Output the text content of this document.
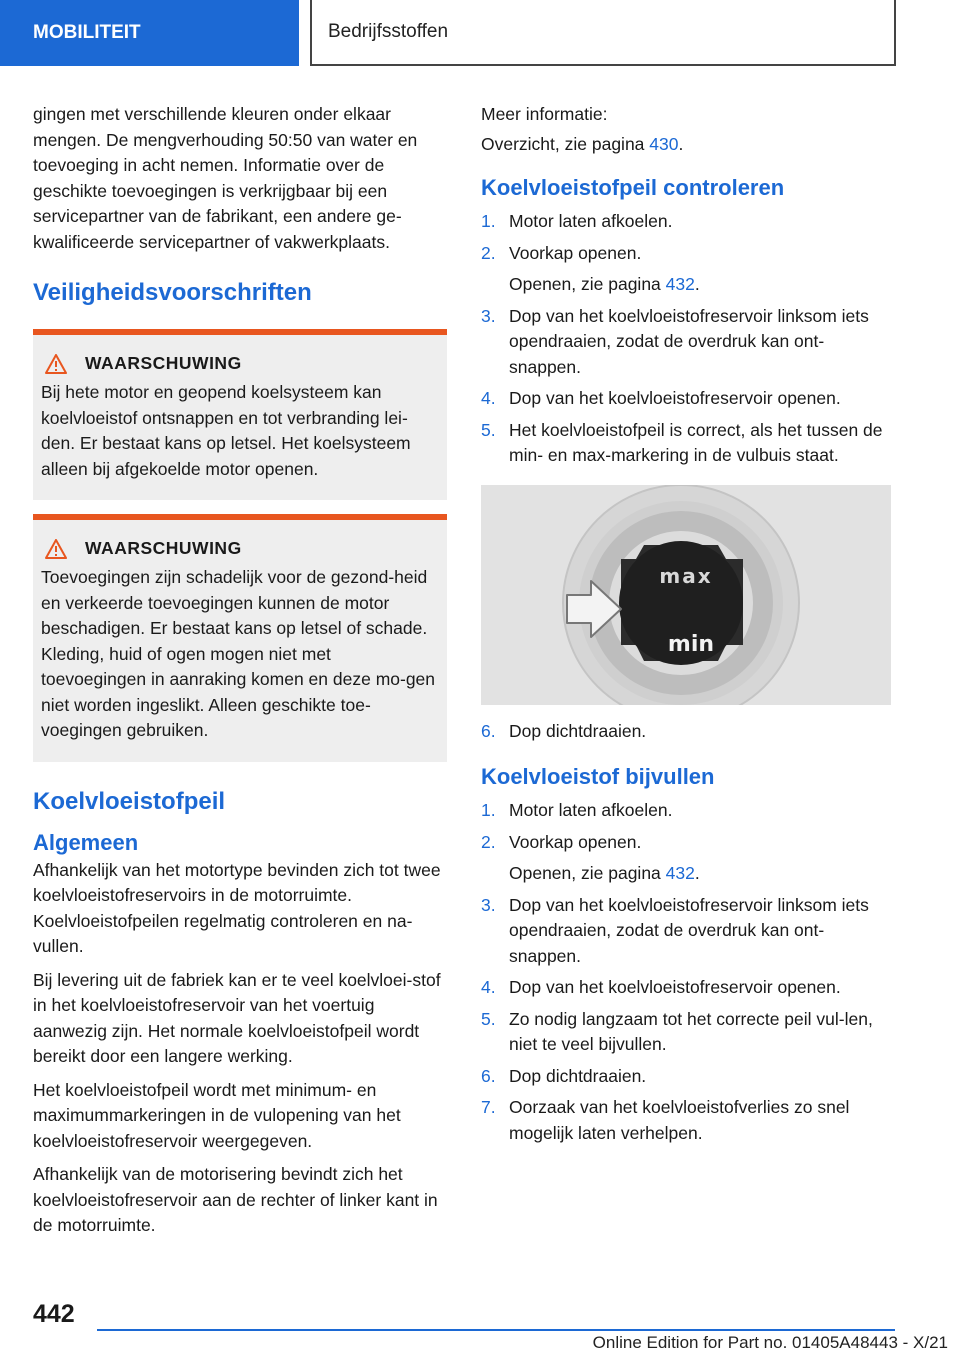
MOBILITEIT	Bedrijfsstoffen

gingen met verschillende kleuren onder elkaar mengen. De mengverhouding 50:50 van water en toevoeging in acht nemen. Informatie over de geschikte toevoegingen is verkrijgbaar bij een servicepartner van de fabrikant, een andere ge‐kwalificeerde servicepartner of vakwerkplaats.

Veiligheidsvoorschriften
WAARSCHUWING

Bij hete motor en geopend koelsysteem kan koelvloeistof ontsnappen en tot verbranding lei‐den. Er bestaat kans op letsel. Het koelsysteem alleen bij afgekoelde motor openen.

WAARSCHUWING

Toevoegingen zijn schadelijk voor de gezond‐heid en verkeerde toevoegingen kunnen de motor beschadigen. Er bestaat kans op letsel of schade. Kleding, huid of ogen mogen niet met toevoegingen in aanraking komen en deze mo‐gen niet worden ingeslikt. Alleen geschikte toe‐voegingen gebruiken.

Koelvloeistofpeil
Algemeen

Afhankelijk van het motortype bevinden zich tot twee koelvloeistofreservoirs in de motorruimte. Koelvloeistofpeilen regelmatig controleren en na‐vullen.

Bij levering uit de fabriek kan er te veel koelvloei‐stof in het koelvloeistofreservoir van het voertuig aanwezig zijn. Het normale koelvloeistofpeil wordt bereikt door een langere werking.

Het koelvloeistofpeil wordt met minimum- en maximummarkeringen in de vulopening van het koelvloeistofreservoir weergegeven.

Afhankelijk van de motorisering bevindt zich het koelvloeistofreservoir aan de rechter of linker kant in de motorruimte.

Meer informatie:

Overzicht, zie pagina 430.

Koelvloeistofpeil controleren
1. Motor laten afkoelen.
2. Voorkap openen.
Openen, zie pagina 432.
3. Dop van het koelvloeistofreservoir linksom iets opendraaien, zodat de overdruk kan ont‐snappen.
4. Dop van het koelvloeistofreservoir openen.
5. Het koelvloeistofpeil is correct, als het tussen de min- en max-markering in de vulbuis staat.
max
min
6. Dop dichtdraaien.
Koelvloeistof bijvullen
1. Motor laten afkoelen.
2. Voorkap openen.
Openen, zie pagina 432.
3. Dop van het koelvloeistofreservoir linksom iets opendraaien, zodat de overdruk kan ont‐snappen.
4. Dop van het koelvloeistofreservoir openen.
5. Zo nodig langzaam tot het correcte peil vul‐len, niet te veel bijvullen.
6. Dop dichtdraaien.
7. Oorzaak van het koelvloeistofverlies zo snel mogelijk laten verhelpen.
442
Online Edition for Part no. 01405A48443 - X/21
